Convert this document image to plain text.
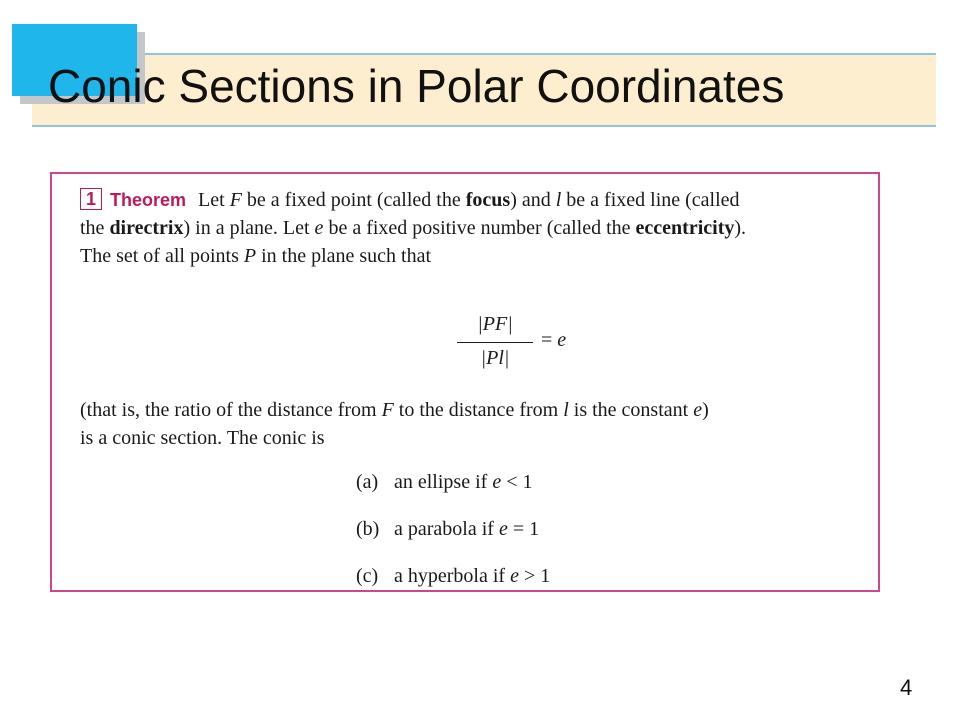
Conic Sections in Polar Coordinates
1 Theorem Let F be a fixed point (called the focus) and l be a fixed line (called
the directrix) in a plane. Let e be a fixed positive number (called the eccentricity).
The set of all points P in the plane such that
|PF|
|Pl|
= e
(that is, the ratio of the distance from F to the distance from l is the constant e)
is a conic section. The conic is
(a) an ellipse if e < 1
(b) a parabola if e = 1
(c) a hyperbola if e > 1
4
